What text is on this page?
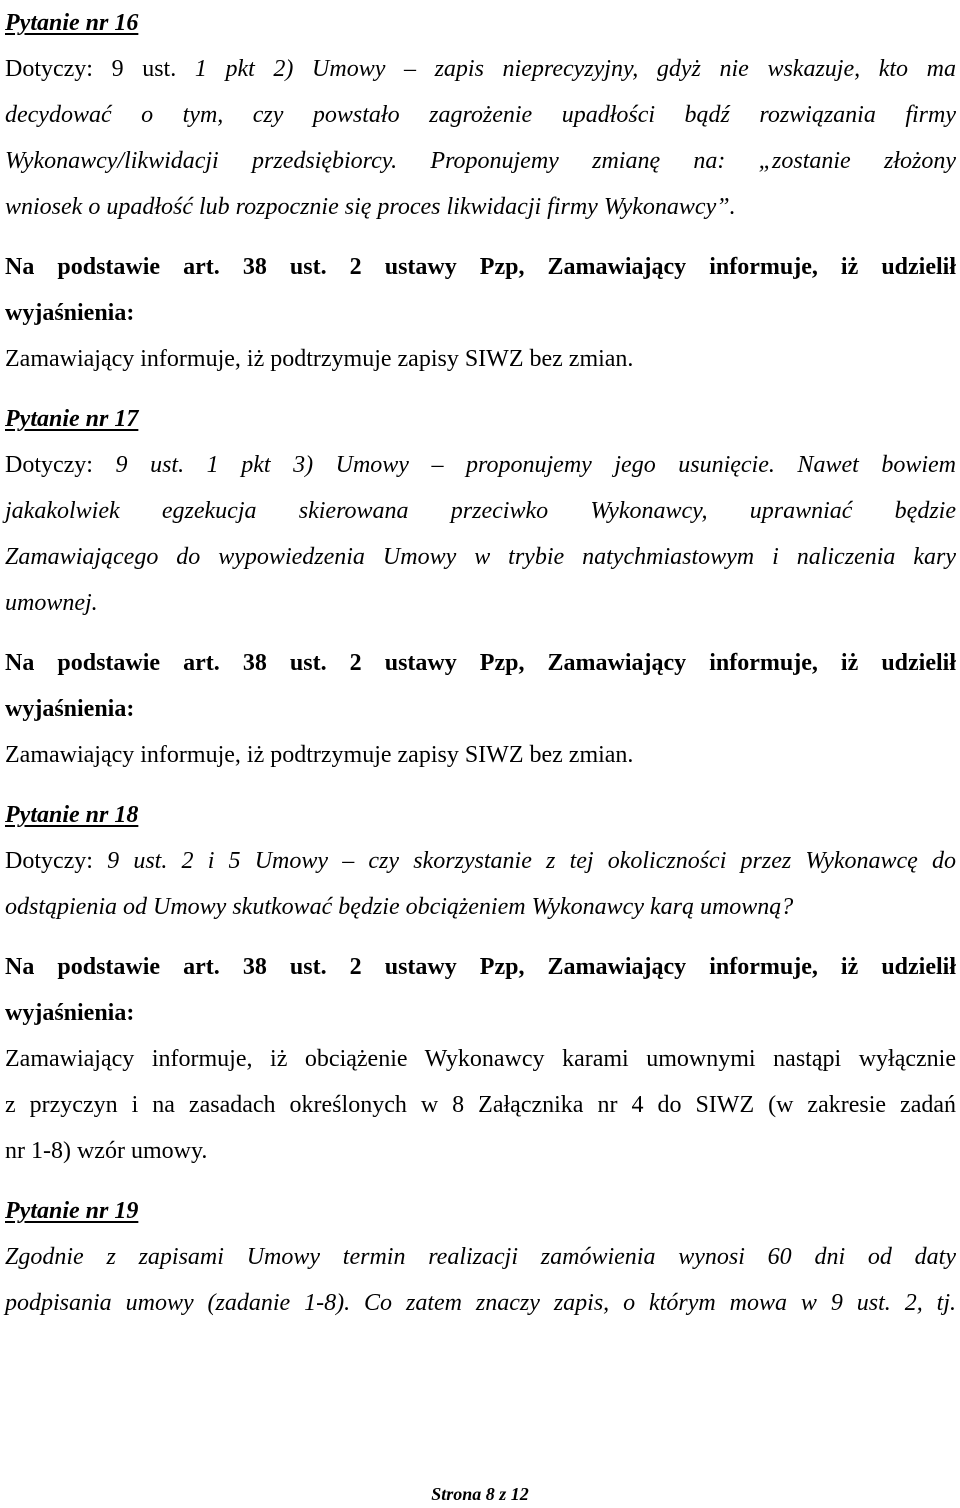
Pytanie nr 16
Dotyczy: 9 ust. 1 pkt 2) Umowy – zapis nieprecyzyjny, gdyż nie wskazuje, kto ma
decydować o tym, czy powstało zagrożenie upadłości bądź rozwiązania firmy
Wykonawcy/likwidacji przedsiębiorcy. Proponujemy zmianę na: „zostanie złożony
wniosek o upadłość lub rozpocznie się proces likwidacji firmy Wykonawcy”.
Na podstawie art. 38 ust. 2 ustawy Pzp, Zamawiający informuje, iż udzielił
wyjaśnienia:
Zamawiający informuje, iż podtrzymuje zapisy SIWZ bez zmian.
Pytanie nr 17
Dotyczy: 9 ust. 1 pkt 3) Umowy – proponujemy jego usunięcie. Nawet bowiem
jakakolwiek egzekucja skierowana przeciwko Wykonawcy, uprawniać będzie
Zamawiającego do wypowiedzenia Umowy w trybie natychmiastowym i naliczenia kary
umownej.
Na podstawie art. 38 ust. 2 ustawy Pzp, Zamawiający informuje, iż udzielił
wyjaśnienia:
Zamawiający informuje, iż podtrzymuje zapisy SIWZ bez zmian.
Pytanie nr 18
Dotyczy: 9 ust. 2 i 5 Umowy – czy skorzystanie z tej okoliczności przez Wykonawcę do
odstąpienia od Umowy skutkować będzie obciążeniem Wykonawcy karą umowną?
Na podstawie art. 38 ust. 2 ustawy Pzp, Zamawiający informuje, iż udzielił
wyjaśnienia:
Zamawiający informuje, iż obciążenie Wykonawcy karami umownymi nastąpi wyłącznie
z przyczyn i na zasadach określonych w 8 Załącznika nr 4 do SIWZ (w zakresie zadań
nr 1-8) wzór umowy.
Pytanie nr 19
Zgodnie z zapisami Umowy termin realizacji zamówienia wynosi 60 dni od daty
podpisania umowy (zadanie 1-8). Co zatem znaczy zapis, o którym mowa w 9 ust. 2, tj.
Strona 8 z 12
